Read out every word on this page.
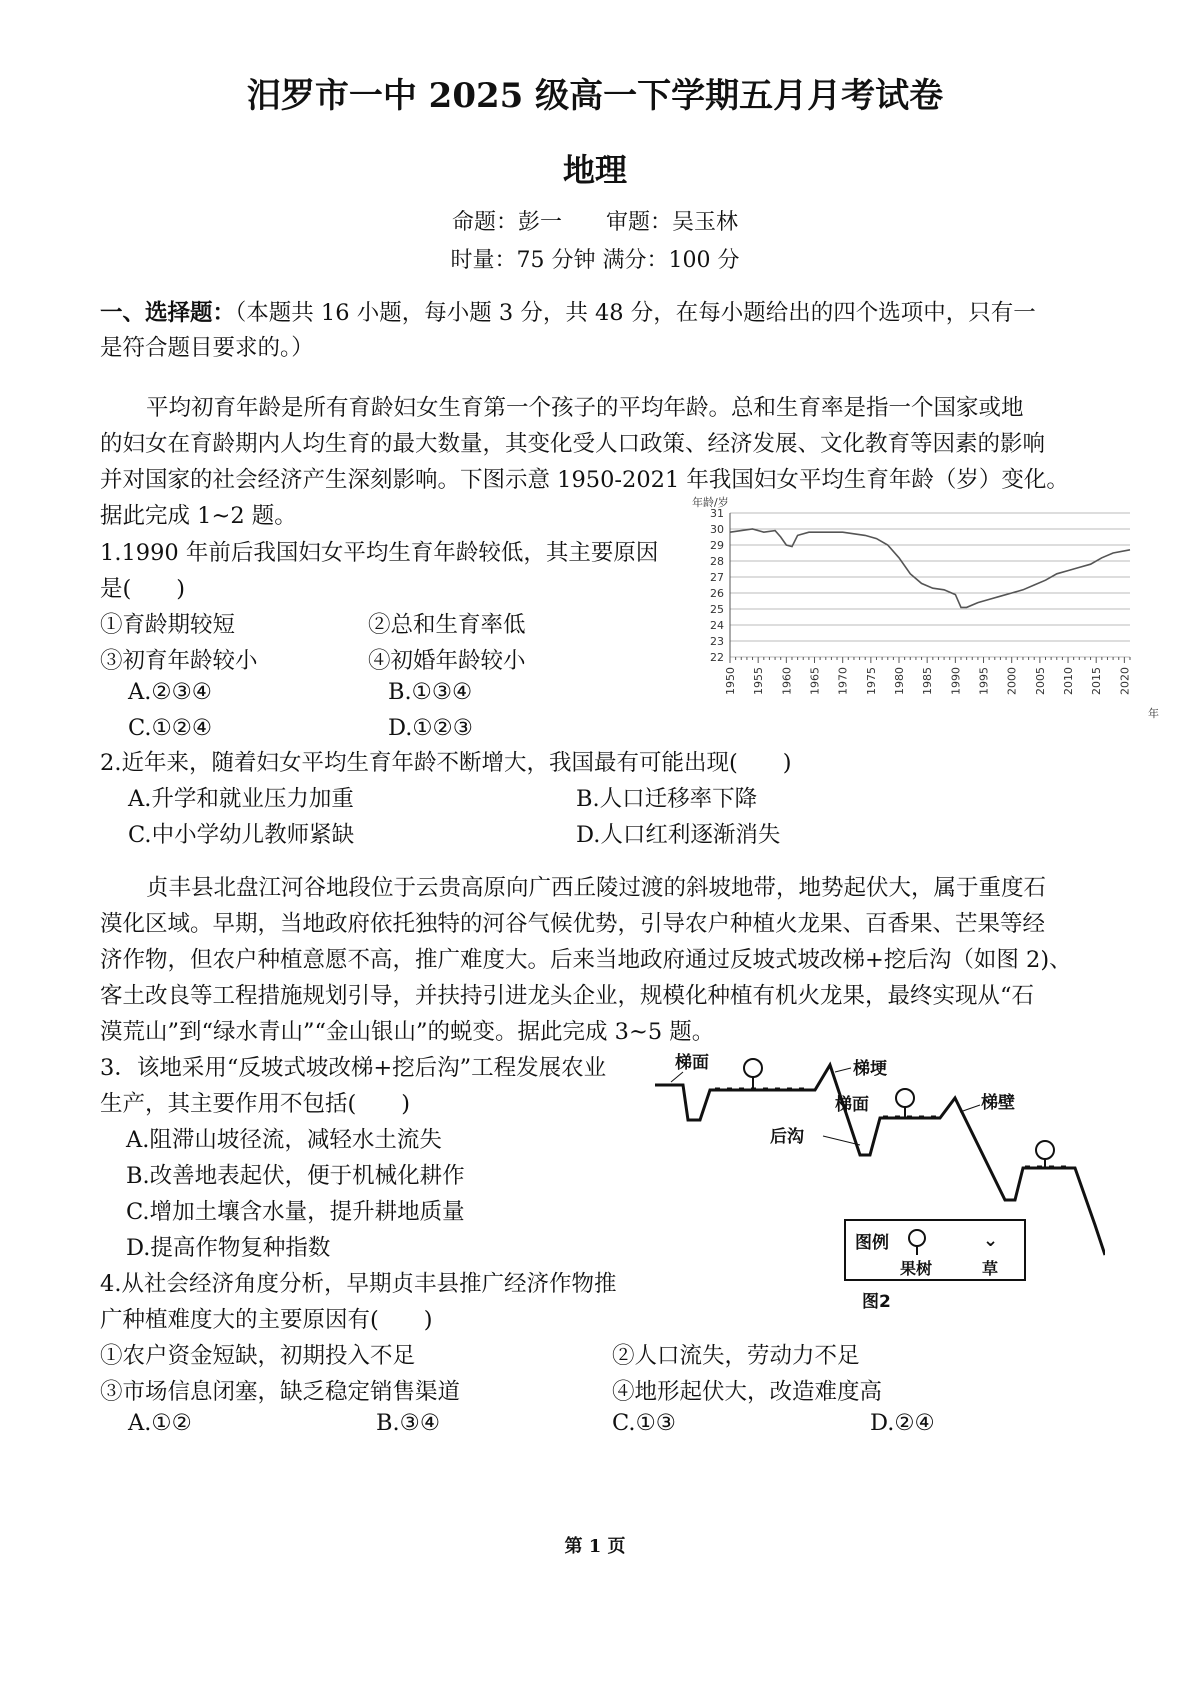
汨罗市一中 2025 级高一下学期五月月考试卷
地理
命题：彭一　　审题：吴玉林
时量：75 分钟 满分：100 分
一、选择题：（本题共 16 小题，每小题 3 分，共 48 分，在每小题给出的四个选项中，只有一
是符合题目要求的。）
平均初育年龄是所有育龄妇女生育第一个孩子的平均年龄。总和生育率是指一个国家或地
的妇女在育龄期内人均生育的最大数量，其变化受人口政策、经济发展、文化教育等因素的影响
并对国家的社会经济产生深刻影响。下图示意 1950-2021 年我国妇女平均生育年龄（岁）变化。
据此完成 1~2 题。
1.1990 年前后我国妇女平均生育年龄较低，其主要原因
是(　　)
①育龄期较短	②总和生育率低
③初育年龄较小	④初婚年龄较小
A.②③④	B.①③④
C.①②④	D.①②③
22
23
24
25
26
27
28
29
30
31
1950 1955 1960 1965 1970 1975 1980 1985 1990 1995 2000 2005 2010 2015 2020
年龄/岁
年
2.近年来，随着妇女平均生育年龄不断增大，我国最有可能出现(　　)
A.升学和就业压力加重	B.人口迁移率下降
C.中小学幼儿教师紧缺	D.人口红利逐渐消失
贞丰县北盘江河谷地段位于云贵高原向广西丘陵过渡的斜坡地带，地势起伏大，属于重度石
漠化区域。早期，当地政府依托独特的河谷气候优势，引导农户种植火龙果、百香果、芒果等经
济作物，但农户种植意愿不高，推广难度大。后来当地政府通过反坡式坡改梯+挖后沟（如图 2)、
客土改良等工程措施规划引导，并扶持引进龙头企业，规模化种植有机火龙果，最终实现从“石
漠荒山”到“绿水青山”“金山银山”的蜕变。据此完成 3~5 题。
3．该地采用“反坡式坡改梯+挖后沟”工程发展农业
生产，其主要作用不包括(　　)
A.阻滞山坡径流，减轻水土流失
B.改善地表起伏，便于机械化耕作
C.增加土壤含水量，提升耕地质量
D.提高作物复种指数
4.从社会经济角度分析，早期贞丰县推广经济作物推
广种植难度大的主要原因有(　　)
①农户资金短缺，初期投入不足	②人口流失，劳动力不足
③市场信息闭塞，缺乏稳定销售渠道	④地形起伏大，改造难度高
A.①②	B.③④	C.①③	D.②④
梯面	梯埂
梯面
后沟
梯壁
图例
果树
⌄
草
图2
第 1 页
